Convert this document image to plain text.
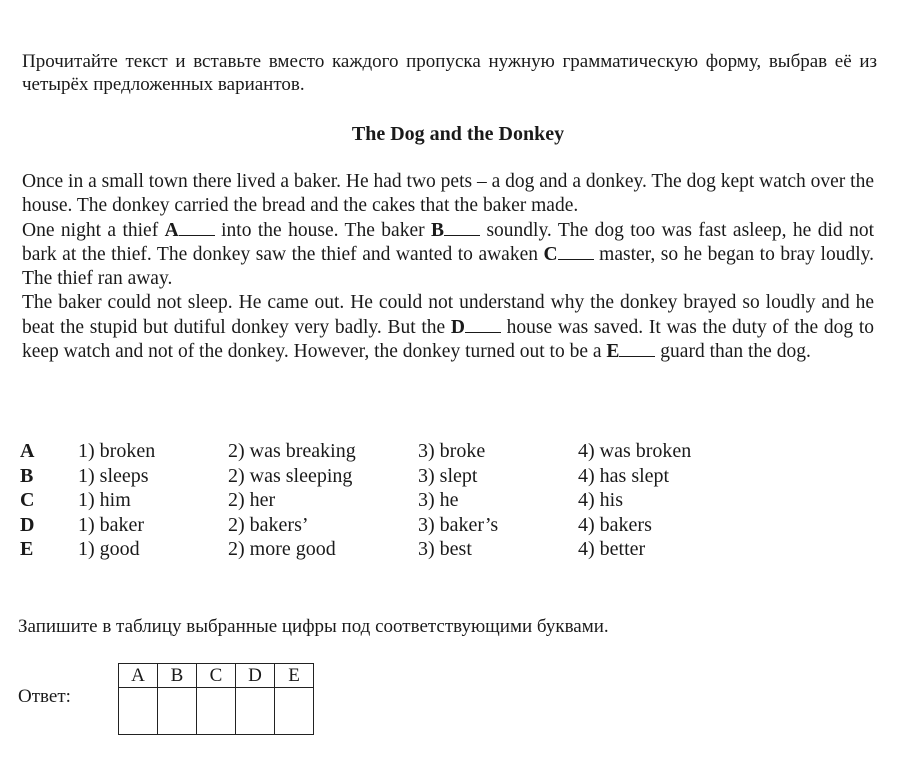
Прочитайте текст и вставьте вместо каждого пропуска нужную грамматическую форму, выбрав её из четырёх предложенных вариантов.
The Dog and the Donkey

Once in a small town there lived a baker. He had two pets – a dog and a donkey. The dog kept watch over the house. The donkey carried the bread and the cakes that the baker made.

One night a thief A into the house. The baker B soundly. The dog too was fast asleep, he did not bark at the thief. The donkey saw the thief and wanted to awaken C master, so he began to bray loudly. The thief ran away.

The baker could not sleep. He came out. He could not understand why the donkey brayed so loudly and he beat the stupid but dutiful donkey very badly. But the D house was saved. It was the duty of the dog to keep watch and not of the donkey. However, the donkey turned out to be a E guard than the dog.

A 1) broken	2) was breaking	3) broke	4) was broken
B 1) sleeps	2) was sleeping	3) slept	4) has slept
C 1) him	2) her	3) he	4) his
D 1) baker	2) bakers’	3) baker’s	4) bakers
E 1) good	2) more good	3) best	4) better
Запишите в таблицу выбранные цифры под соответствующими буквами.
Ответ:
A	B	C	D	E
